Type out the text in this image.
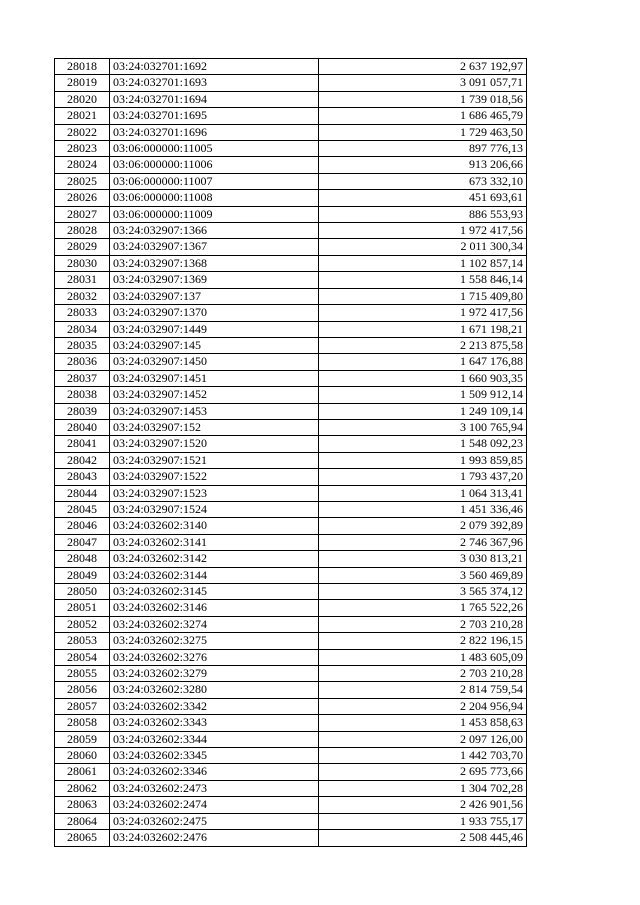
28018	03:24:032701:1692	2 637 192,97
28019	03:24:032701:1693	3 091 057,71
28020	03:24:032701:1694	1 739 018,56
28021	03:24:032701:1695	1 686 465,79
28022	03:24:032701:1696	1 729 463,50
28023	03:06:000000:11005	897 776,13
28024	03:06:000000:11006	913 206,66
28025	03:06:000000:11007	673 332,10
28026	03:06:000000:11008	451 693,61
28027	03:06:000000:11009	886 553,93
28028	03:24:032907:1366	1 972 417,56
28029	03:24:032907:1367	2 011 300,34
28030	03:24:032907:1368	1 102 857,14
28031	03:24:032907:1369	1 558 846,14
28032	03:24:032907:137	1 715 409,80
28033	03:24:032907:1370	1 972 417,56
28034	03:24:032907:1449	1 671 198,21
28035	03:24:032907:145	2 213 875,58
28036	03:24:032907:1450	1 647 176,88
28037	03:24:032907:1451	1 660 903,35
28038	03:24:032907:1452	1 509 912,14
28039	03:24:032907:1453	1 249 109,14
28040	03:24:032907:152	3 100 765,94
28041	03:24:032907:1520	1 548 092,23
28042	03:24:032907:1521	1 993 859,85
28043	03:24:032907:1522	1 793 437,20
28044	03:24:032907:1523	1 064 313,41
28045	03:24:032907:1524	1 451 336,46
28046	03:24:032602:3140	2 079 392,89
28047	03:24:032602:3141	2 746 367,96
28048	03:24:032602:3142	3 030 813,21
28049	03:24:032602:3144	3 560 469,89
28050	03:24:032602:3145	3 565 374,12
28051	03:24:032602:3146	1 765 522,26
28052	03:24:032602:3274	2 703 210,28
28053	03:24:032602:3275	2 822 196,15
28054	03:24:032602:3276	1 483 605,09
28055	03:24:032602:3279	2 703 210,28
28056	03:24:032602:3280	2 814 759,54
28057	03:24:032602:3342	2 204 956,94
28058	03:24:032602:3343	1 453 858,63
28059	03:24:032602:3344	2 097 126,00
28060	03:24:032602:3345	1 442 703,70
28061	03:24:032602:3346	2 695 773,66
28062	03:24:032602:2473	1 304 702,28
28063	03:24:032602:2474	2 426 901,56
28064	03:24:032602:2475	1 933 755,17
28065	03:24:032602:2476	2 508 445,46
